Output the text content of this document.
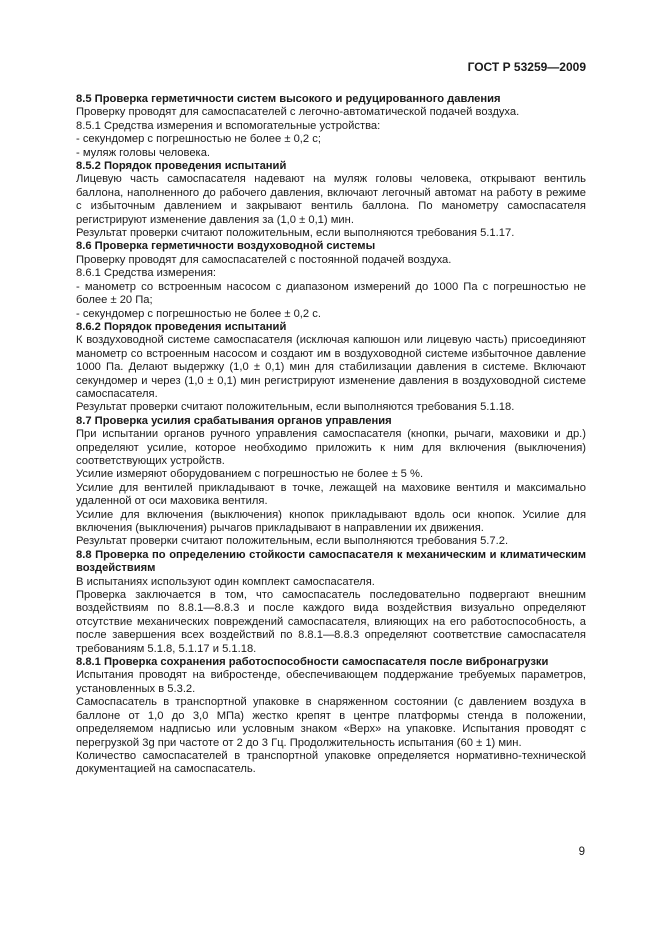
ГОСТ Р 53259—2009

8.5 Проверка герметичности систем высокого и редуцированного давления

Проверку проводят для самоспасателей с легочно-автоматической подачей воздуха.

8.5.1 Средства измерения и вспомогательные устройства:

- секундомер с погрешностью не более ± 0,2 с;

- муляж головы человека.

8.5.2 Порядок проведения испытаний

Лицевую часть самоспасателя надевают на муляж головы человека, открывают вентиль баллона, наполненного до рабочего давления, включают легочный автомат на работу в режиме с избыточным давлением и закрывают вентиль баллона. По манометру самоспасателя регистрируют изменение давления за (1,0 ± 0,1) мин.

Результат проверки считают положительным, если выполняются требования 5.1.17.

8.6 Проверка герметичности воздуховодной системы

Проверку проводят для самоспасателей с постоянной подачей воздуха.

8.6.1 Средства измерения:

- манометр со встроенным насосом с диапазоном измерений до 1000 Па с погрешностью не более ± 20 Па;

- секундомер с погрешностью не более ± 0,2 с.

8.6.2 Порядок проведения испытаний

К воздуховодной системе самоспасателя (исключая капюшон или лицевую часть) присоединяют манометр со встроенным насосом и создают им в воздуховодной системе избыточное давление 1000 Па. Делают выдержку (1,0 ± 0,1) мин для стабилизации давления в системе. Включают секундомер и через (1,0 ± 0,1) мин регистрируют изменение давления в воздуховодной системе самоспасателя.

Результат проверки считают положительным, если выполняются требования 5.1.18.

8.7 Проверка усилия срабатывания органов управления

При испытании органов ручного управления самоспасателя (кнопки, рычаги, маховики и др.) определяют усилие, которое необходимо приложить к ним для включения (выключения) соответствующих устройств.

Усилие измеряют оборудованием с погрешностью не более ± 5 %.

Усилие для вентилей прикладывают в точке, лежащей на маховике вентиля и максимально удаленной от оси маховика вентиля.

Усилие для включения (выключения) кнопок прикладывают вдоль оси кнопок. Усилие для включения (выключения) рычагов прикладывают в направлении их движения.

Результат проверки считают положительным, если выполняются требования 5.7.2.

8.8 Проверка по определению стойкости самоспасателя к механическим и климатическим воздействиям

В испытаниях используют один комплект самоспасателя.

Проверка заключается в том, что самоспасатель последовательно подвергают внешним воздействиям по 8.8.1—8.8.3 и после каждого вида воздействия визуально определяют отсутствие механических повреждений самоспасателя, влияющих на его работоспособность, а после завершения всех воздействий по 8.8.1—8.8.3 определяют соответствие самоспасателя требованиям 5.1.8, 5.1.17 и 5.1.18.

8.8.1 Проверка сохранения работоспособности самоспасателя после вибронагрузки

Испытания проводят на вибростенде, обеспечивающем поддержание требуемых параметров, установленных в 5.3.2.

Самоспасатель в транспортной упаковке в снаряженном состоянии (с давлением воздуха в баллоне от 1,0 до 3,0 МПа) жестко крепят в центре платформы стенда в положении, определяемом надписью или условным знаком «Верх» на упаковке. Испытания проводят с перегрузкой 3g при частоте от 2 до 3 Гц. Продолжительность испытания (60 ± 1) мин.

Количество самоспасателей в транспортной упаковке определяется нормативно-технической документацией на самоспасатель.

9
